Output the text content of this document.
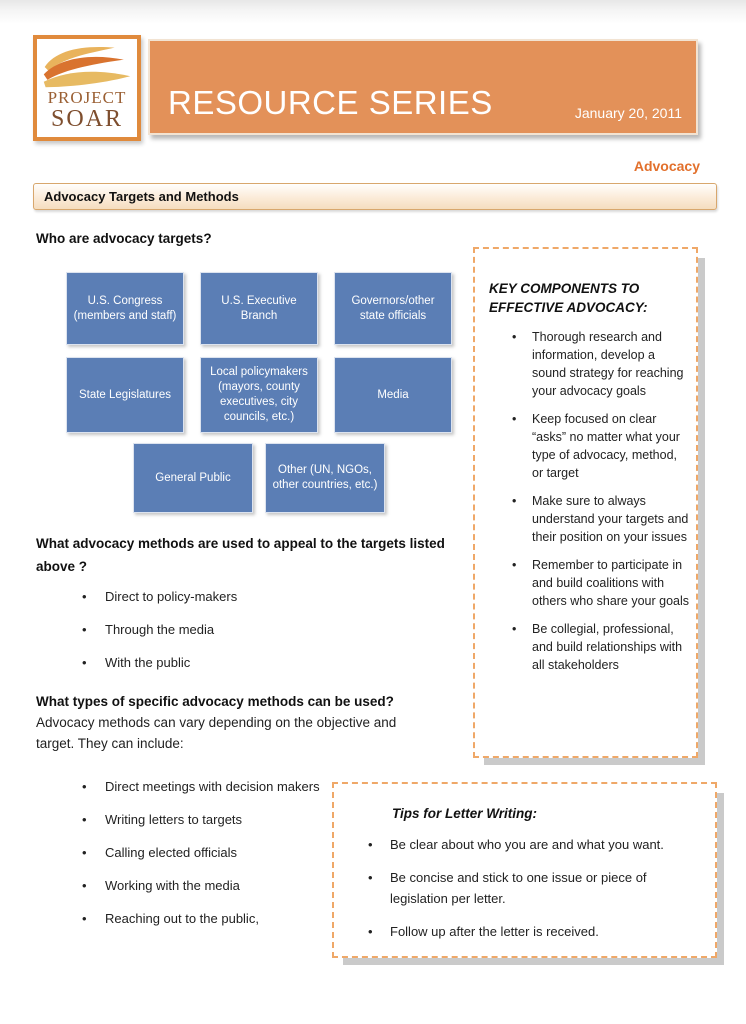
PROJECT
SOAR	RESOURCE SERIES	January 20, 2011
Advocacy
Advocacy Targets and Methods
Who are advocacy targets?
U.S. Congress (members and staff)
U.S. Executive Branch
Governors/other state officials
State Legislatures
Local policymakers (mayors, county executives, city councils, etc.)
Media
General Public
Other (UN, NGOs, other countries, etc.)
What advocacy methods are used to appeal to the targets listed above ?
• Direct to policy-makers
• Through the media
• With the public
What types of specific advocacy methods can be used?
Advocacy methods can vary depending on the objective and target. They can include:
• Direct meetings with decision makers
• Writing letters to targets
• Calling elected officials
• Working with the media
• Reaching out to the public,
KEY COMPONENTS TO EFFECTIVE ADVOCACY:
• Thorough research and information, develop a sound strategy for reaching your advocacy goals
• Keep focused on clear “asks” no matter what your type of advocacy, method, or target
• Make sure to always understand your targets and their position on your issues
• Remember to participate in and build coalitions with others who share your goals
• Be collegial, professional, and build relationships with all stakeholders
Tips for Letter Writing:
• Be clear about who you are and what you want.
• Be concise and stick to one issue or piece of legislation per letter.
• Follow up after the letter is received.
